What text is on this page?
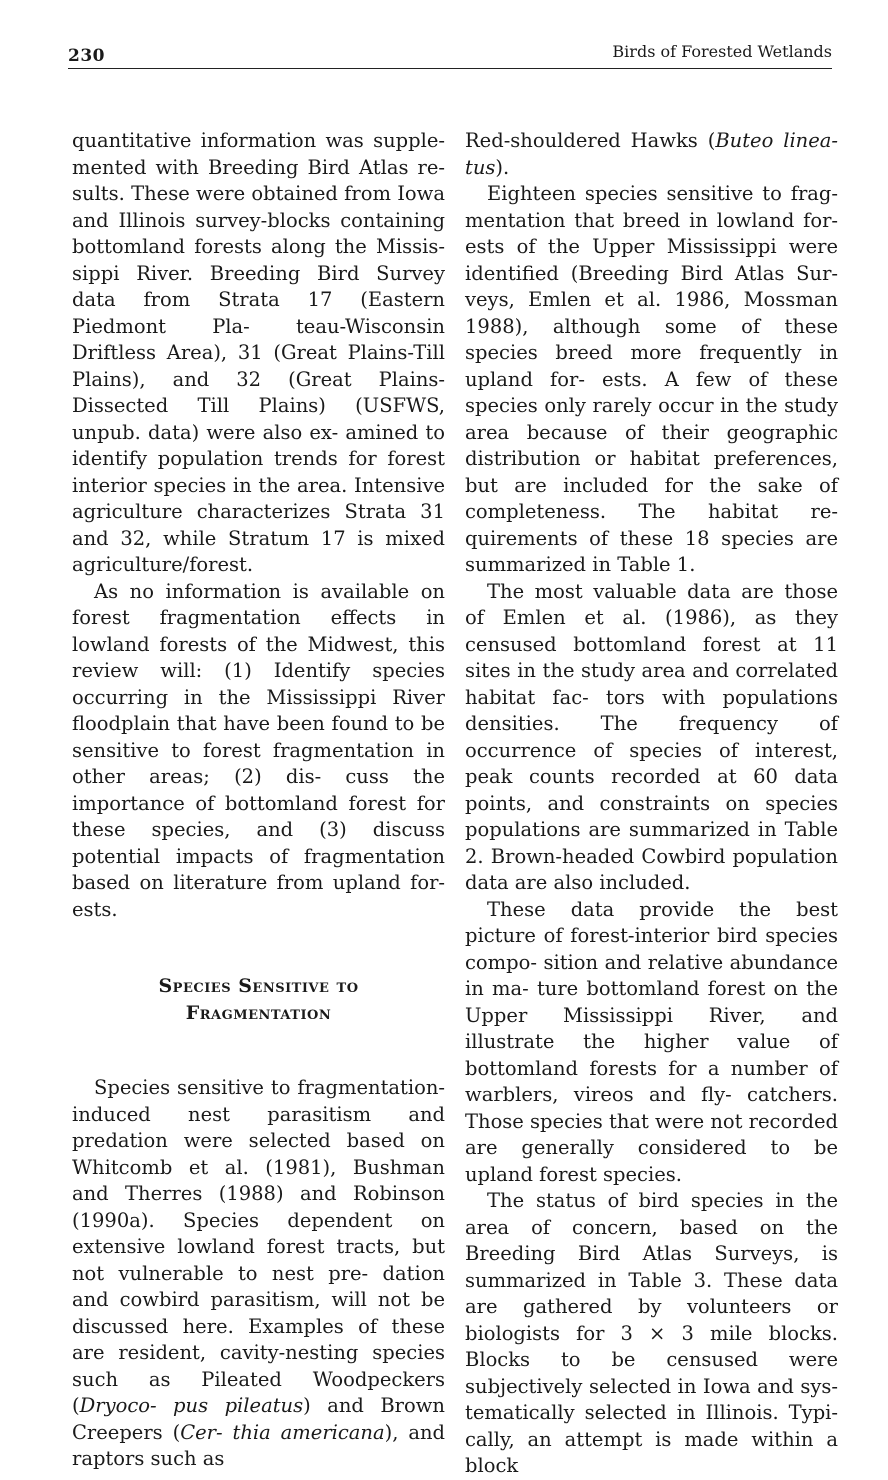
230	Birds of Forested Wetlands

quantitative information was supple- mented with Breeding Bird Atlas re- sults. These were obtained from Iowa and Illinois survey-blocks containing bottomland forests along the Missis- sippi River. Breeding Bird Survey data from Strata 17 (Eastern Piedmont Pla- teau-Wisconsin Driftless Area), 31 (Great Plains-Till Plains), and 32 (Great Plains-Dissected Till Plains) (USFWS, unpub. data) were also ex- amined to identify population trends for forest interior species in the area. Intensive agriculture characterizes Strata 31 and 32, while Stratum 17 is mixed agriculture/forest.

As no information is available on forest fragmentation effects in lowland forests of the Midwest, this review will: (1) Identify species occurring in the Mississippi River floodplain that have been found to be sensitive to forest fragmentation in other areas; (2) dis- cuss the importance of bottomland forest for these species, and (3) discuss potential impacts of fragmentation based on literature from upland for- ests.

Species Sensitive to
Fragmentation

Species sensitive to fragmentation- induced nest parasitism and predation were selected based on Whitcomb et al. (1981), Bushman and Therres (1988) and Robinson (1990a). Species dependent on extensive lowland forest tracts, but not vulnerable to nest pre- dation and cowbird parasitism, will not be discussed here. Examples of these are resident, cavity-nesting species such as Pileated Woodpeckers (Dryoco- pus pileatus) and Brown Creepers (Cer- thia americana), and raptors such as

Red-shouldered Hawks (Buteo linea- tus).

Eighteen species sensitive to frag- mentation that breed in lowland for- ests of the Upper Mississippi were identified (Breeding Bird Atlas Sur- veys, Emlen et al. 1986, Mossman 1988), although some of these species breed more frequently in upland for- ests. A few of these species only rarely occur in the study area because of their geographic distribution or habitat preferences, but are included for the sake of completeness. The habitat re- quirements of these 18 species are summarized in Table 1.

The most valuable data are those of Emlen et al. (1986), as they censused bottomland forest at 11 sites in the study area and correlated habitat fac- tors with populations densities. The frequency of occurrence of species of interest, peak counts recorded at 60 data points, and constraints on species populations are summarized in Table 2. Brown-headed Cowbird population data are also included.

These data provide the best picture of forest-interior bird species compo- sition and relative abundance in ma- ture bottomland forest on the Upper Mississippi River, and illustrate the higher value of bottomland forests for a number of warblers, vireos and fly- catchers. Those species that were not recorded are generally considered to be upland forest species.

The status of bird species in the area of concern, based on the Breeding Bird Atlas Surveys, is summarized in Table 3. These data are gathered by volunteers or biologists for 3 × 3 mile blocks. Blocks to be censused were subjectively selected in Iowa and sys- tematically selected in Illinois. Typi- cally, an attempt is made within a block
